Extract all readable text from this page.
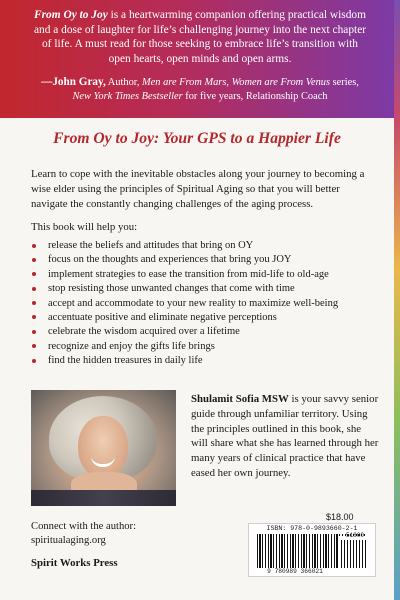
From Oy to Joy is a heartwarming companion offering practical wisdom and a dose of laughter for life’s challenging journey into the next chapter of life. A must read for those seeking to embrace life’s transition with open hearts, open minds and open arms.

—John Gray, Author, Men are From Mars, Women are From Venus series,
New York Times Bestseller for five years, Relationship Coach

From Oy to Joy: Your GPS to a Happier Life

Learn to cope with the inevitable obstacles along your journey to becoming a wise elder using the principles of Spiritual Aging so that you will better navigate the constantly changing challenges of the aging process.

This book will help you:

release the beliefs and attitudes that bring on OY
focus on the thoughts and experiences that bring you JOY
implement strategies to ease the transition from mid-life to old-age
stop resisting those unwanted changes that come with time
accept and accommodate to your new reality to maximize well-being
accentuate positive and eliminate negative perceptions
celebrate the wisdom acquired over a lifetime
recognize and enjoy the gifts life brings
find the hidden treasures in daily life

Shulamit Sofia MSW is your savvy senior guide through unfamiliar territory. Using the principles outlined in this book, she will share what she has learned through her many years of clinical practice that have eased her own journey.

$18.00

Connect with the author:
spiritualaging.org

Spirit Works Press

ISBN: 978-0-9893660-2-1

51800

9 780989 366021
